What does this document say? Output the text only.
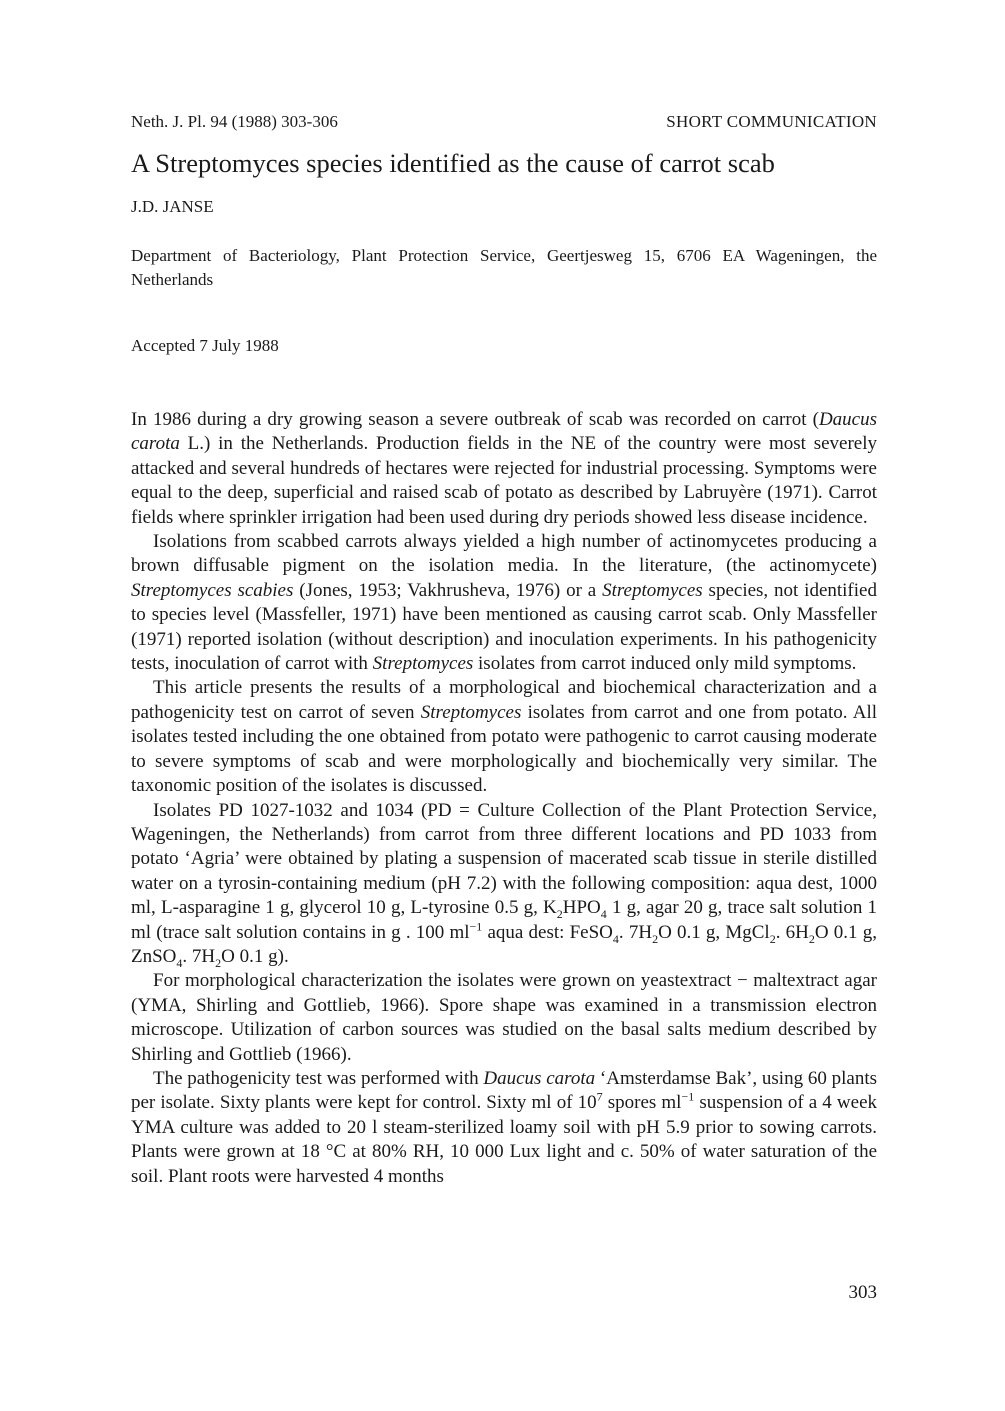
Neth. J. Pl. 94 (1988) 303-306	SHORT COMMUNICATION
A Streptomyces species identified as the cause of carrot scab
J.D. JANSE
Department of Bacteriology, Plant Protection Service, Geertjesweg 15, 6706 EA Wageningen, the Netherlands
Accepted 7 July 1988

In 1986 during a dry growing season a severe outbreak of scab was recorded on carrot (Daucus carota L.) in the Netherlands. Production fields in the NE of the country were most severely attacked and several hundreds of hectares were rejected for industrial processing. Symptoms were equal to the deep, superficial and raised scab of potato as described by Labruyère (1971). Carrot fields where sprinkler irrigation had been used during dry periods showed less disease incidence.

Isolations from scabbed carrots always yielded a high number of actinomycetes producing a brown diffusable pigment on the isolation media. In the literature, (the actinomycete) Streptomyces scabies (Jones, 1953; Vakhrusheva, 1976) or a Streptomyces species, not identified to species level (Massfeller, 1971) have been mentioned as causing carrot scab. Only Massfeller (1971) reported isolation (without description) and inoculation experiments. In his pathogenicity tests, inoculation of carrot with Streptomyces isolates from carrot induced only mild symptoms.

This article presents the results of a morphological and biochemical characterization and a pathogenicity test on carrot of seven Streptomyces isolates from carrot and one from potato. All isolates tested including the one obtained from potato were pathogenic to carrot causing moderate to severe symptoms of scab and were morphologically and biochemically very similar. The taxonomic position of the isolates is discussed.

Isolates PD 1027-1032 and 1034 (PD = Culture Collection of the Plant Protection Service, Wageningen, the Netherlands) from carrot from three different locations and PD 1033 from potato ‘Agria’ were obtained by plating a suspension of macerated scab tissue in sterile distilled water on a tyrosin-containing medium (pH 7.2) with the following composition: aqua dest, 1000 ml, L-asparagine 1 g, glycerol 10 g, L-tyrosine 0.5 g, $K_2HPO_4$ 1 g, agar 20 g, trace salt solution 1 ml (trace salt solution contains in g . 100 $ml^{-1}$ aqua dest: FeSO$_4$. $7H_2O$ 0.1 g, MgCl$_2$. $6H_2O$ 0.1 g, ZnSO$_4$. $7H_2O$ 0.1 g).

For morphological characterization the isolates were grown on yeastextract − maltextract agar (YMA, Shirling and Gottlieb, 1966). Spore shape was examined in a transmission electron microscope. Utilization of carbon sources was studied on the basal salts medium described by Shirling and Gottlieb (1966).

The pathogenicity test was performed with Daucus carota ‘Amsterdamse Bak’, using 60 plants per isolate. Sixty plants were kept for control. Sixty ml of $10^7$ spores $ml^{-1}$ suspension of a 4 week YMA culture was added to 20 l steam-sterilized loamy soil with pH 5.9 prior to sowing carrots. Plants were grown at 18 °C at 80% RH, 10 000 Lux light and c. 50% of water saturation of the soil. Plant roots were harvested 4 months

303
